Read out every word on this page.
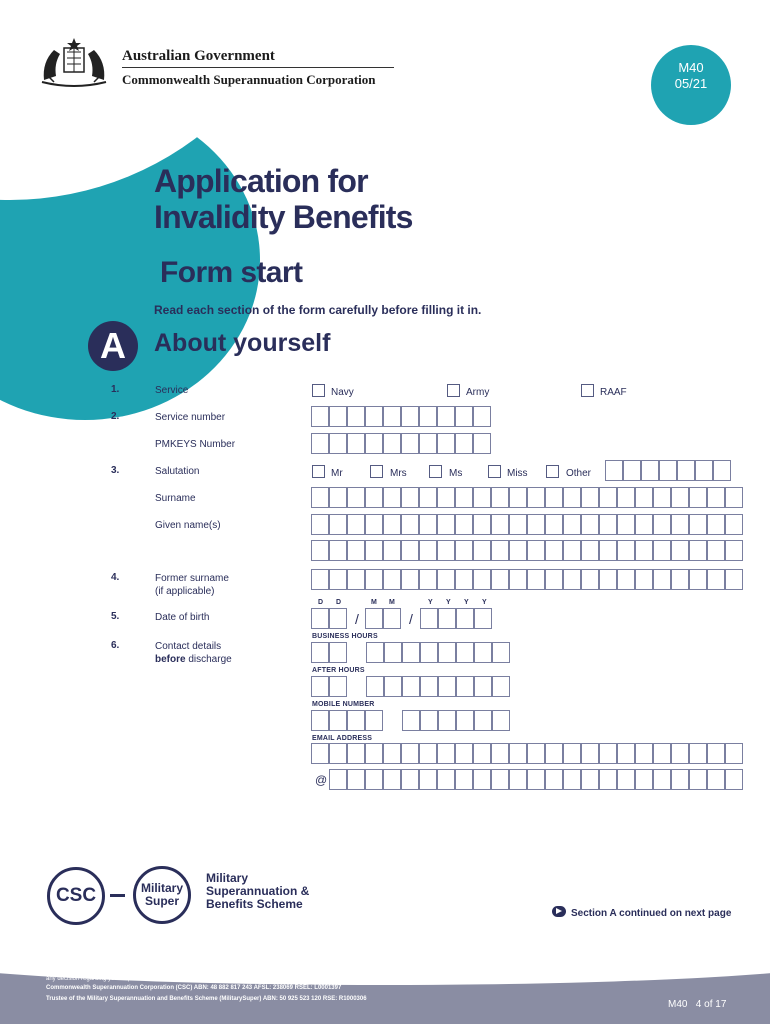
Australian Government
Commonwealth Superannuation Corporation
M40
05/21
Application for
Invalidity Benefits
Form start
Read each section of the form carefully before filling it in.
A	About yourself
1.	Service	Navy	Army	RAAF
2.	Service number
PMKEYS Number
3.	Salutation	Mr	Mrs	Ms	Miss	Other
Surname
Given name(s)
4.	Former surname
(if applicable)
D D	M M	Y Y Y Y
5.	Date of birth	/	/
6.	Contact details
before discharge
BUSINESS HOURS
AFTER HOURS
MOBILE NUMBER
EMAIL ADDRESS
@
CSC	Military
Super
Military
Superannuation &
Benefits Scheme
Section A continued on next page
The information provided in this document is general advice only and has been prepared without taking account of your personal objectives, financial situation or needs. Before acting on any such general advice, you should consider the appropriateness of the advice, having regard to your own objectives, financial situation and needs. You may wish to consult a licensed financial advisor. You should obtain a copy of the Military Super Product Disclosure Statement (PDS) and consider its contents before making any decision regarding your super.
Commonwealth Superannuation Corporation (CSC) ABN: 48 882 817 243 AFSL: 238069 RSEL: L0001397
Trustee of the Military Superannuation and Benefits Scheme (MilitarySuper) ABN: 50 925 523 120 RSE: R1000306	M40 4 of 17
